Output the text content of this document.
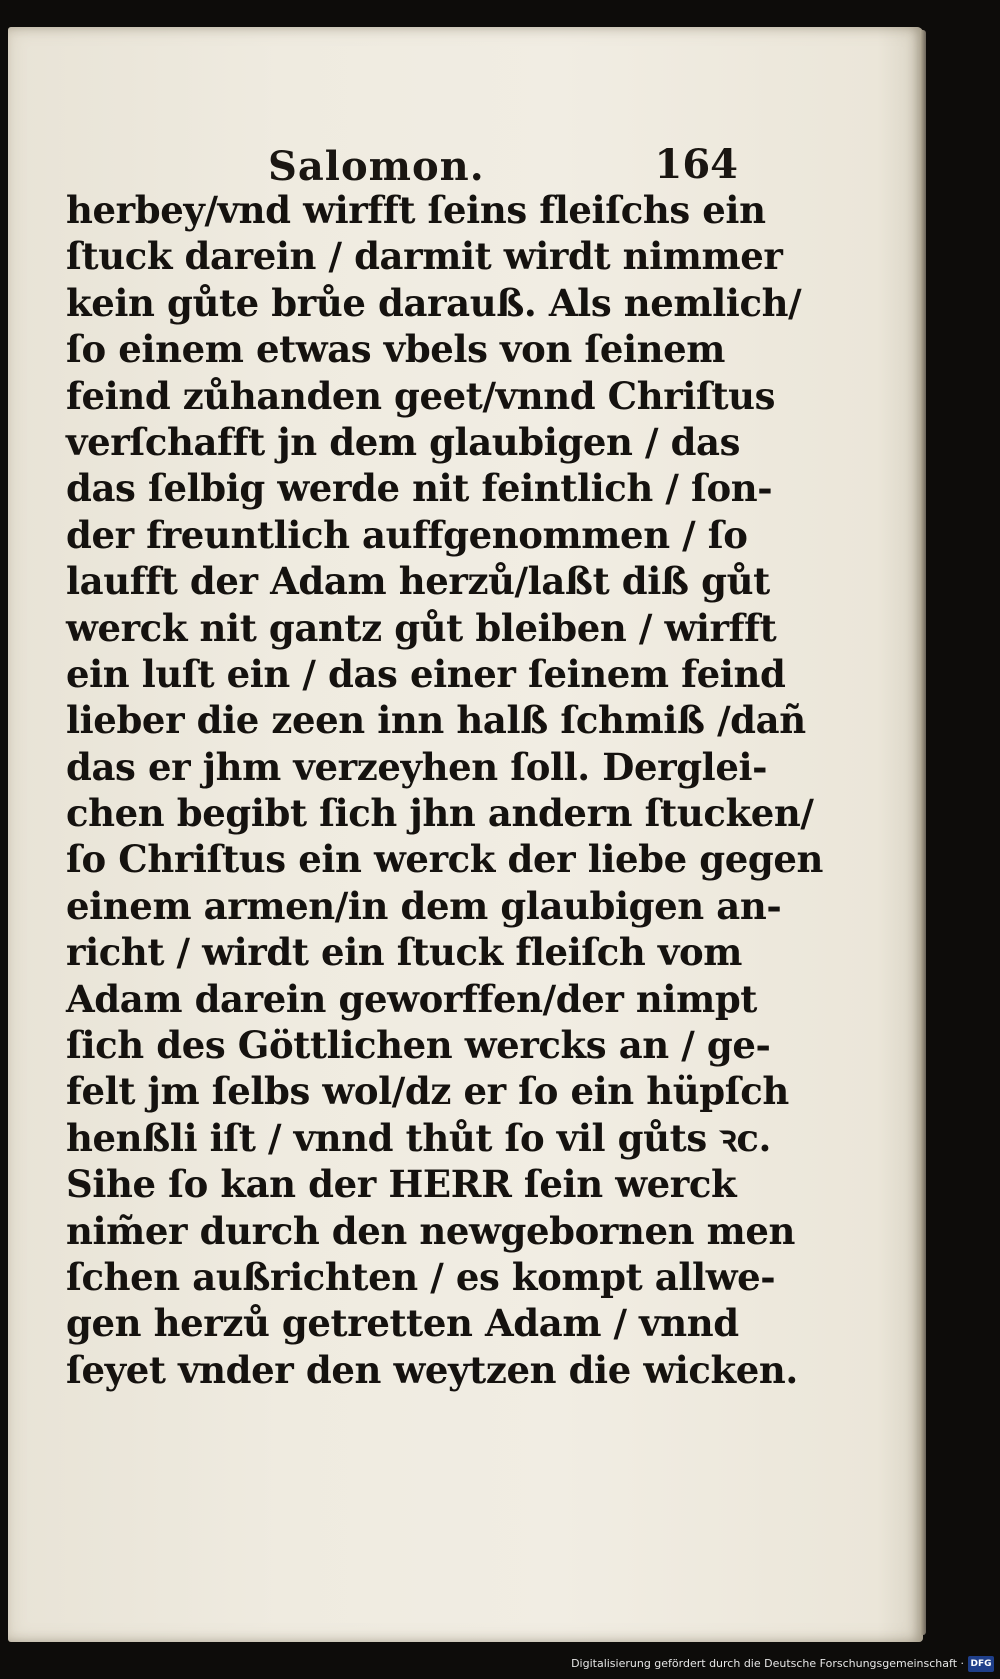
Salomon.	164
herbey/vnd wirfft ſeins fleiſchs ein
ſtuck darein / darmit wirdt nimmer
kein gůte brůe darauß. Als nemlich/
ſo einem etwas vbels von ſeinem
feind zůhanden geet/vnnd Chriſtus
verſchafft jn dem glaubigen / das
das ſelbig werde nit feintlich / ſon-
der freuntlich auffgenommen / ſo
laufft der Adam herzů/laßt diß gůt
werck nit gantz gůt bleiben / wirfft
ein luſt ein / das einer ſeinem feind
lieber die zeen inn halß ſchmiß /dañ
das er jhm verzeyhen ſoll. Derglei-
chen begibt ſich jhn andern ſtucken/
ſo Chriſtus ein werck der liebe gegen
einem armen/in dem glaubigen an-
richt / wirdt ein ſtuck fleiſch vom
Adam darein geworffen/der nimpt
ſich des Göttlichen wercks an / ge-
felt jm ſelbs wol/dz er ſo ein hüpſch
henßli iſt / vnnd thůt ſo vil gůts ꝛc.
Sihe ſo kan der HERR ſein werck
nim̃er durch den newgebornen men
ſchen außrichten / es kompt allwe-
gen herzů getretten Adam / vnnd
ſeyet vnder den weytzen die wicken.
Digitalisierung gefördert durch die Deutsche Forschungsgemeinschaft · DFG
